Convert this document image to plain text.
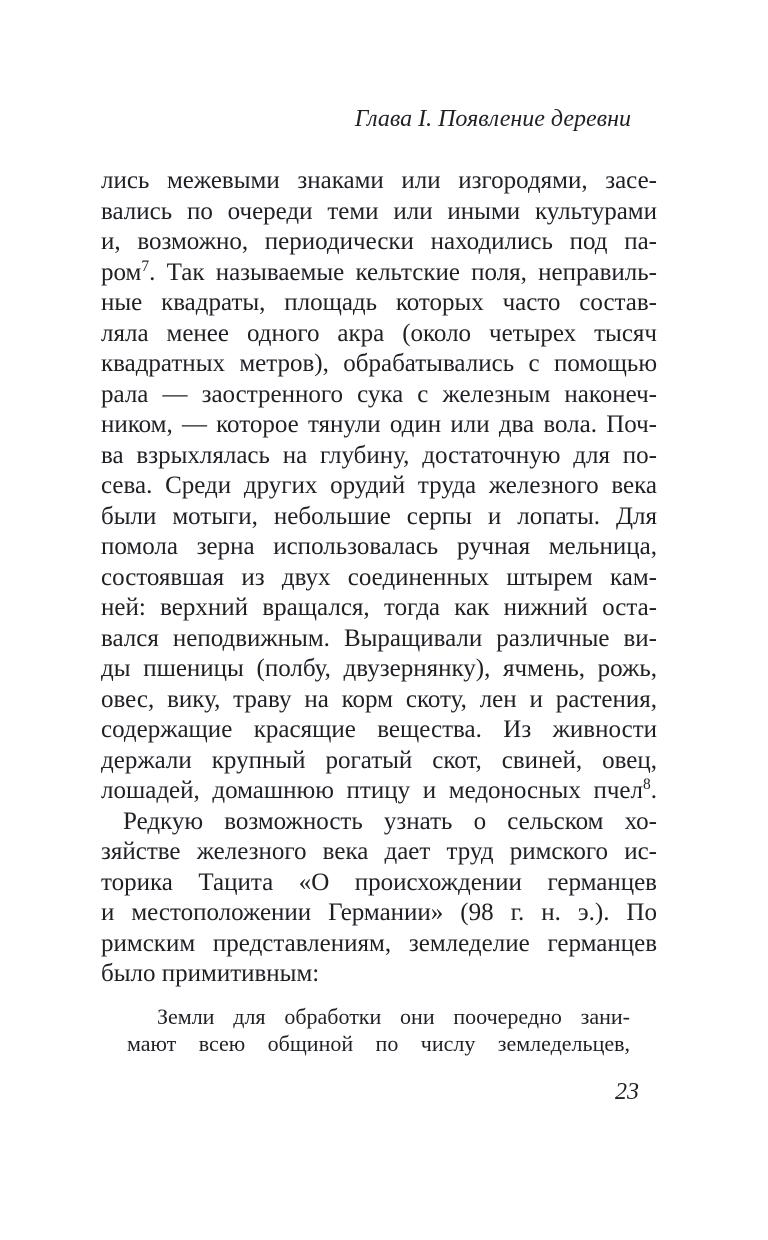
Глава I. Появление деревни
лись межевыми знаками или изгородями, засе-
вались по очереди теми или иными культурами
и, возможно, периодически находились под па-
ром$^7$. Так называемые кельтские поля, неправиль-
ные квадраты, площадь которых часто состав-
ляла менее одного акра (около четырех тысяч
квадратных метров), обрабатывались с помощью
рала — заостренного сука с железным наконеч-
ником, — которое тянули один или два вола. Поч-
ва взрыхлялась на глубину, достаточную для по-
сева. Среди других орудий труда железного века
были мотыги, небольшие серпы и лопаты. Для
помола зерна использовалась ручная мельница,
состоявшая из двух соединенных штырем кам-
ней: верхний вращался, тогда как нижний оста-
вался неподвижным. Выращивали различные ви-
ды пшеницы (полбу, двузернянку), ячмень, рожь,
овес, вику, траву на корм скоту, лен и растения,
содержащие красящие вещества. Из живности
держали крупный рогатый скот, свиней, овец,
лошадей, домашнюю птицу и медоносных пчел$^8$.
Редкую возможность узнать о сельском хо-
зяйстве железного века дает труд римского ис-
торика Тацита «О происхождении германцев
и местоположении Германии» (98 г. н. э.). По
римским представлениям, земледелие германцев
было примитивным:
Земли для обработки они поочередно зани-
мают всею общиной по числу земледельцев,
23
